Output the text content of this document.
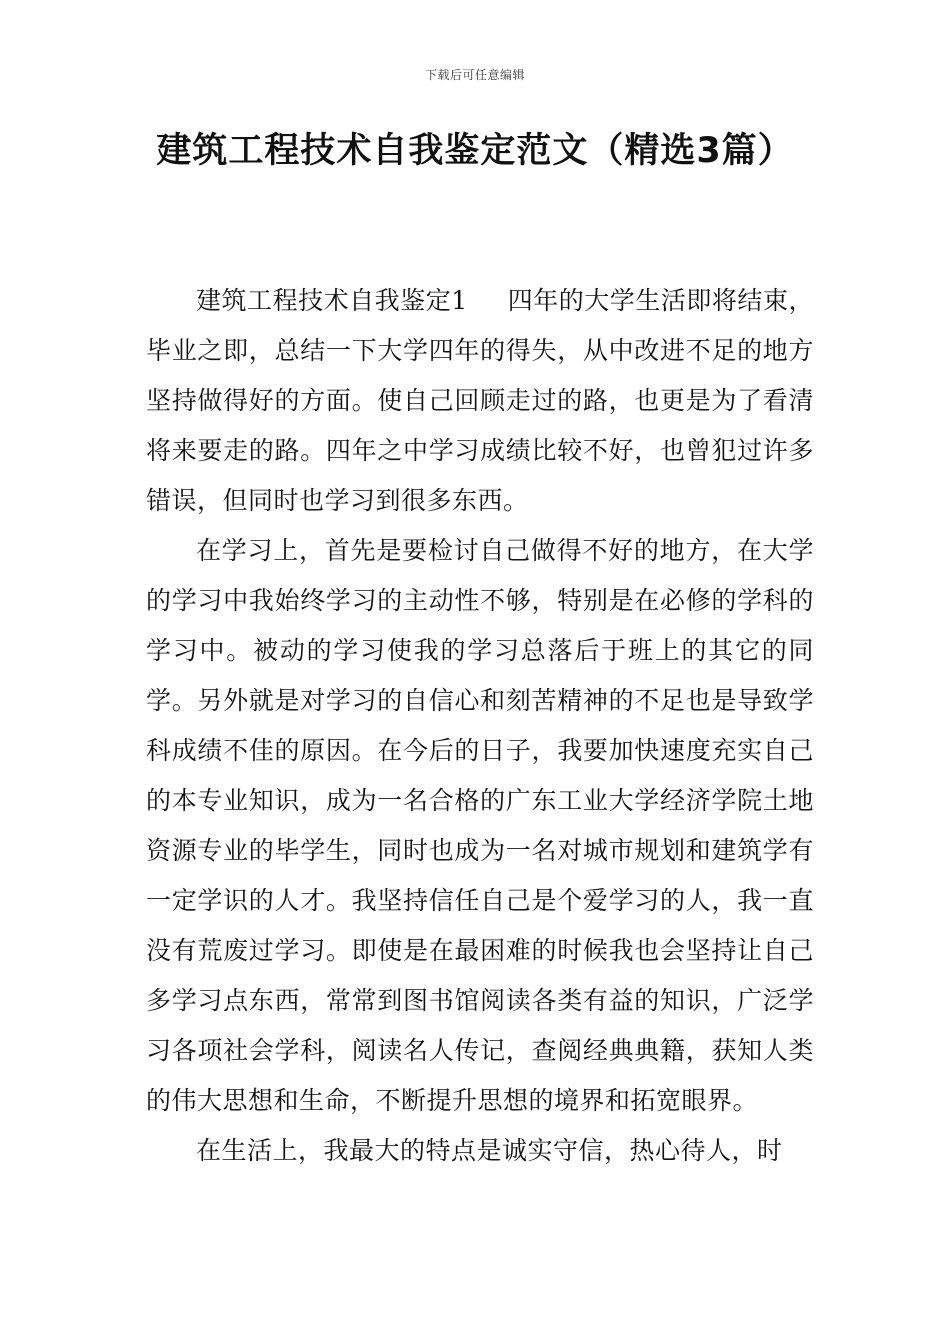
下载后可任意编辑
建筑工程技术自我鉴定范文（精选3篇）

建筑工程技术自我鉴定1 四年的大学生活即将结束，毕业之即，总结一下大学四年的得失，从中改进不足的地方坚持做得好的方面。使自己回顾走过的路，也更是为了看清将来要走的路。四年之中学习成绩比较不好，也曾犯过许多错误，但同时也学习到很多东西。

在学习上，首先是要检讨自己做得不好的地方，在大学的学习中我始终学习的主动性不够，特别是在必修的学科的学习中。被动的学习使我的学习总落后于班上的其它的同学。另外就是对学习的自信心和刻苦精神的不足也是导致学科成绩不佳的原因。在今后的日子，我要加快速度充实自己的本专业知识，成为一名合格的广东工业大学经济学院土地资源专业的毕学生，同时也成为一名对城市规划和建筑学有一定学识的人才。我坚持信任自己是个爱学习的人，我一直没有荒废过学习。即使是在最困难的时候我也会坚持让自己多学习点东西，常常到图书馆阅读各类有益的知识，广泛学习各项社会学科，阅读名人传记，查阅经典典籍，获知人类的伟大思想和生命，不断提升思想的境界和拓宽眼界。

在生活上，我最大的特点是诚实守信，热心待人，时
